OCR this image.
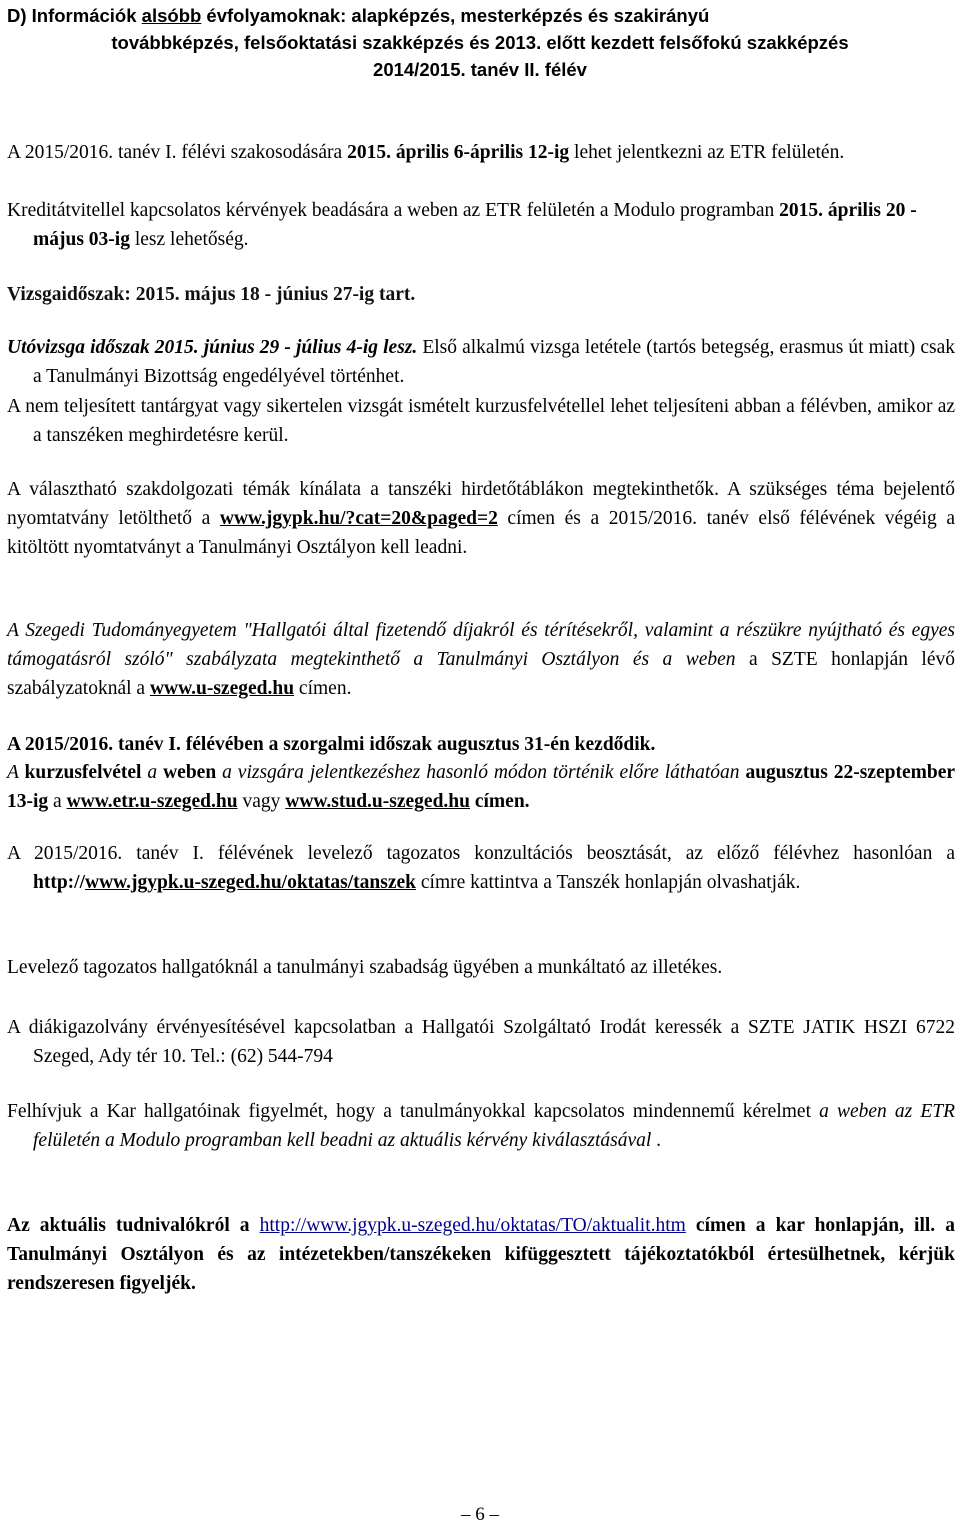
D) Információk alsóbb évfolyamoknak: alapképzés, mesterképzés és szakirányú
továbbképzés, felsőoktatási szakképzés és 2013. előtt kezdett felsőfokú szakképzés
2014/2015. tanév II. félév

A 2015/2016. tanév I. félévi szakosodására 2015. április 6-április 12-ig lehet jelentkezni az ETR felületén.

Kreditátvitellel kapcsolatos kérvények beadására a weben az ETR felületén a Modulo programban 2015. április 20 - május 03-ig lesz lehetőség.

Vizsgaidőszak: 2015. május 18 - június 27-ig tart.

Utóvizsga időszak 2015. június 29 - július 4-ig lesz. Első alkalmú vizsga letétele (tartós betegség, erasmus út miatt) csak a Tanulmányi Bizottság engedélyével történhet.

A nem teljesített tantárgyat vagy sikertelen vizsgát ismételt kurzusfelvétellel lehet teljesíteni abban a félévben, amikor az a tanszéken meghirdetésre kerül.

A választható szakdolgozati témák kínálata a tanszéki hirdetőtáblákon megtekinthetők. A szükséges téma bejelentő nyomtatvány letölthető a www.jgypk.hu/?cat=20&paged=2 címen és a 2015/2016. tanév első félévének végéig a kitöltött nyomtatványt a Tanulmányi Osztályon kell leadni.

A Szegedi Tudományegyetem "Hallgatói által fizetendő díjakról és térítésekről, valamint a részükre nyújtható és egyes támogatásról szóló" szabályzata megtekinthető a Tanulmányi Osztályon és a weben a SZTE honlapján lévő szabályzatoknál a www.u-szeged.hu címen.

A 2015/2016. tanév I. félévében a szorgalmi időszak augusztus 31-én kezdődik.

A kurzusfelvétel a weben a vizsgára jelentkezéshez hasonló módon történik előre láthatóan augusztus 22-szeptember 13-ig a www.etr.u-szeged.hu vagy www.stud.u-szeged.hu címen.

A 2015/2016. tanév I. félévének levelező tagozatos konzultációs beosztását, az előző félévhez hasonlóan a http://www.jgypk.u-szeged.hu/oktatas/tanszek címre kattintva a Tanszék honlapján olvashatják.

Levelező tagozatos hallgatóknál a tanulmányi szabadság ügyében a munkáltató az illetékes.

A diákigazolvány érvényesítésével kapcsolatban a Hallgatói Szolgáltató Irodát keressék a SZTE JATIK HSZI 6722 Szeged, Ady tér 10. Tel.: (62) 544-794

Felhívjuk a Kar hallgatóinak figyelmét, hogy a tanulmányokkal kapcsolatos mindennemű kérelmet a weben az ETR felületén a Modulo programban kell beadni az aktuális kérvény kiválasztásával .

Az aktuális tudnivalókról a http://www.jgypk.u-szeged.hu/oktatas/TO/aktualit.htm címen a kar honlapján, ill. a Tanulmányi Osztályon és az intézetekben/tanszékeken kifüggesztett tájékoztatókból értesülhetnek, kérjük rendszeresen figyeljék.

– 6 –
